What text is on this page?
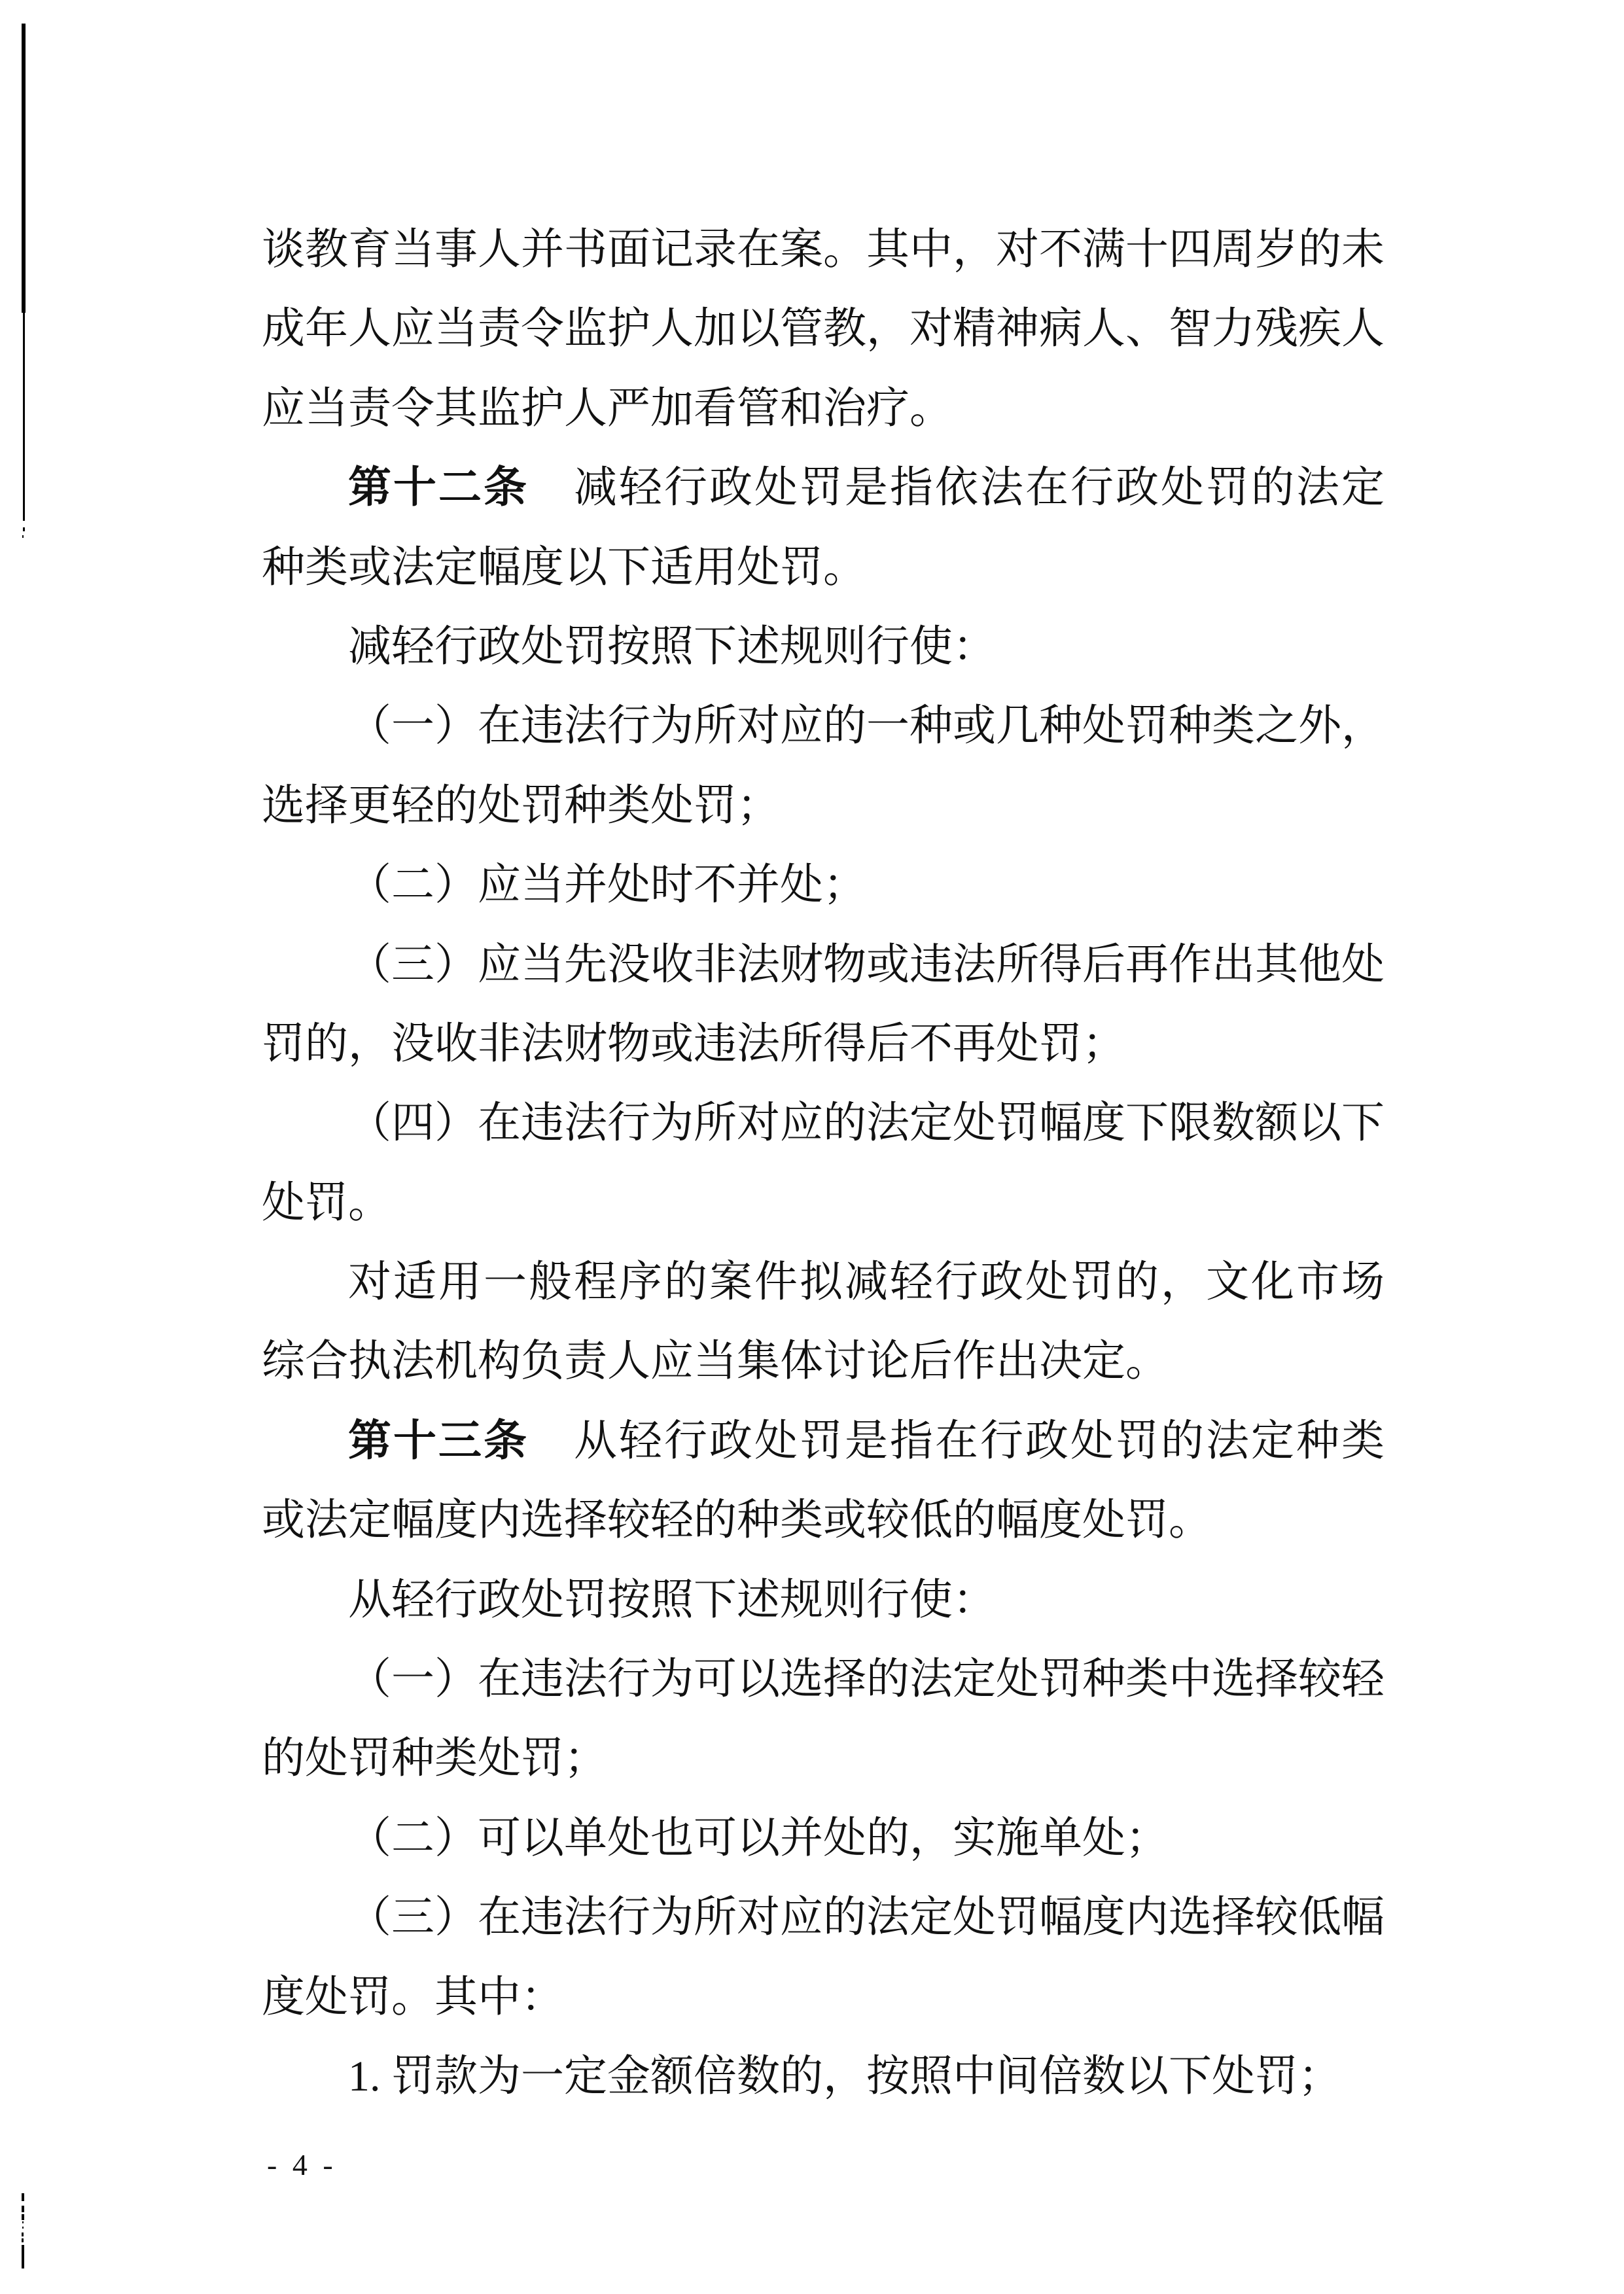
谈教育当事人并书面记录在案。其中，对不满十四周岁的未
成年人应当责令监护人加以管教，对精神病人、智力残疾人
应当责令其监护人严加看管和治疗。
第十二条　减轻行政处罚是指依法在行政处罚的法定
种类或法定幅度以下适用处罚。
减轻行政处罚按照下述规则行使：
（一）在违法行为所对应的一种或几种处罚种类之外，
选择更轻的处罚种类处罚；
（二）应当并处时不并处；
（三）应当先没收非法财物或违法所得后再作出其他处
罚的，没收非法财物或违法所得后不再处罚；
（四）在违法行为所对应的法定处罚幅度下限数额以下
处罚。
对适用一般程序的案件拟减轻行政处罚的，文化市场
综合执法机构负责人应当集体讨论后作出决定。
第十三条　从轻行政处罚是指在行政处罚的法定种类
或法定幅度内选择较轻的种类或较低的幅度处罚。
从轻行政处罚按照下述规则行使：
（一）在违法行为可以选择的法定处罚种类中选择较轻
的处罚种类处罚；
（二）可以单处也可以并处的，实施单处；
（三）在违法行为所对应的法定处罚幅度内选择较低幅
度处罚。其中：
1. 罚款为一定金额倍数的，按照中间倍数以下处罚；
- 4 -
